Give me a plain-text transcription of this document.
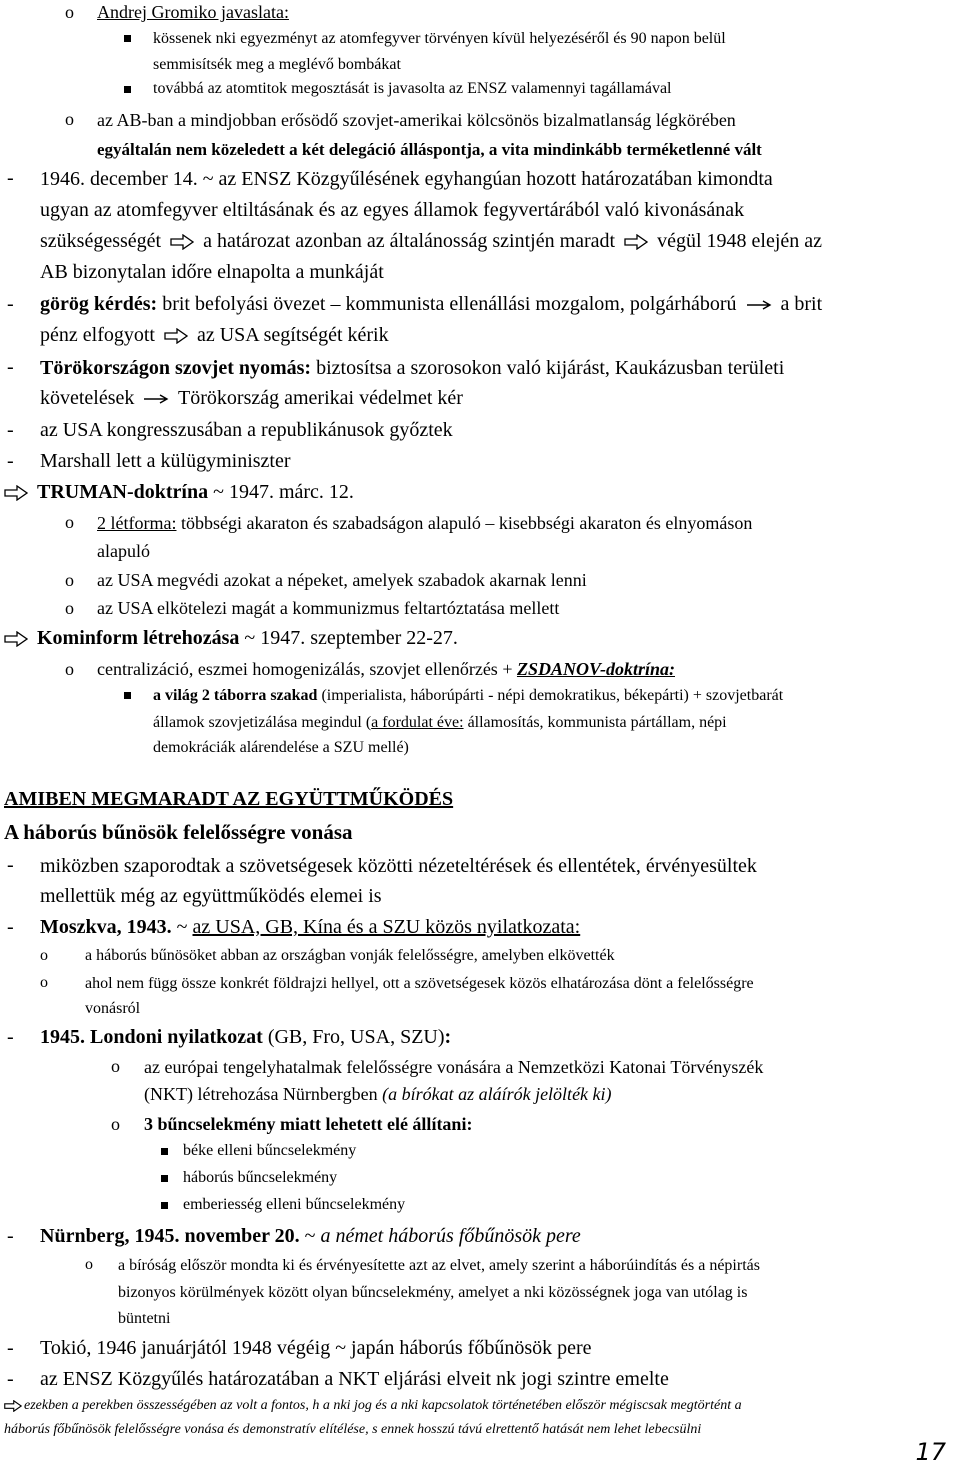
o Andrej Gromiko javaslata:
kössenek nki egyezményt az atomfegyver törvényen kívül helyezéséről és 90 napon belül
semmisítsék meg a meglévő bombákat
továbbá az atomtitok megosztását is javasolta az ENSZ valamennyi tagállamával
o az AB-ban a mindjobban erősödő szovjet-amerikai kölcsönös bizalmatlanság légkörében
egyáltalán nem közeledett a két delegáció álláspontja, a vita mindinkább terméketlenné vált
- 1946. december 14. ~ az ENSZ Közgyűlésének egyhangúan hozott határozatában kimondta
ugyan az atomfegyver eltiltásának és az egyes államok fegyvertárából való kivonásának
szükségességét a határozat azonban az általánosság szintjén maradt végül 1948 elején az
AB bizonytalan időre elnapolta a munkáját
- görög kérdés: brit befolyási övezet – kommunista ellenállási mozgalom, polgárháború a brit
pénz elfogyott az USA segítségét kérik
- Törökországon szovjet nyomás: biztosítsa a szorosokon való kijárást, Kaukázusban területi
követelések Törökország amerikai védelmet kér
- az USA kongresszusában a republikánusok győztek
- Marshall lett a külügyminiszter
TRUMAN-doktrína ~ 1947. márc. 12.
o 2 létforma: többségi akaraton és szabadságon alapuló – kisebbségi akaraton és elnyomáson
alapuló
o az USA megvédi azokat a népeket, amelyek szabadok akarnak lenni
o az USA elkötelezi magát a kommunizmus feltartóztatása mellett
Kominform létrehozása ~ 1947. szeptember 22-27.
o centralizáció, eszmei homogenizálás, szovjet ellenőrzés + ZSDANOV-doktrína:
a világ 2 táborra szakad (imperialista, háborúpárti - népi demokratikus, békepárti) + szovjetbarát
államok szovjetizálása megindul (a fordulat éve: államosítás, kommunista pártállam, népi
demokráciák alárendelése a SZU mellé)
AMIBEN MEGMARADT AZ EGYÜTTMŰKÖDÉS
A háborús bűnösök felelősségre vonása
- miközben szaporodtak a szövetségesek közötti nézeteltérések és ellentétek, érvényesültek
mellettük még az együttműködés elemei is
- Moszkva, 1943. ~ az USA, GB, Kína és a SZU közös nyilatkozata:
o a háborús bűnösöket abban az országban vonják felelősségre, amelyben elkövették
o ahol nem függ össze konkrét földrajzi hellyel, ott a szövetségesek közös elhatározása dönt a felelősségre
vonásról
- 1945. Londoni nyilatkozat (GB, Fro, USA, SZU):
o az európai tengelyhatalmak felelősségre vonására a Nemzetközi Katonai Törvényszék
(NKT) létrehozása Nürnbergben (a bírókat az aláírók jelölték ki)
o 3 bűncselekmény miatt lehetett elé állítani:
béke elleni bűncselekmény
háborús bűncselekmény
emberiesség elleni bűncselekmény
- Nürnberg, 1945. november 20. ~ a német háborús főbűnösök pere
o a bíróság először mondta ki és érvényesítette azt az elvet, amely szerint a háborúindítás és a népirtás
bizonyos körülmények között olyan bűncselekmény, amelyet a nki közösségnek joga van utólag is
büntetni
- Tokió, 1946 januárjától 1948 végéig ~ japán háborús főbűnösök pere
- az ENSZ Közgyűlés határozatában a NKT eljárási elveit nk jogi szintre emelte
ezekben a perekben összességében az volt a fontos, h a nki jog és a nki kapcsolatok történetében először mégiscsak megtörtént a
háborús főbűnösök felelősségre vonása és demonstratív elítélése, s ennek hosszú távú elrettentő hatását nem lehet lebecsülni
17
